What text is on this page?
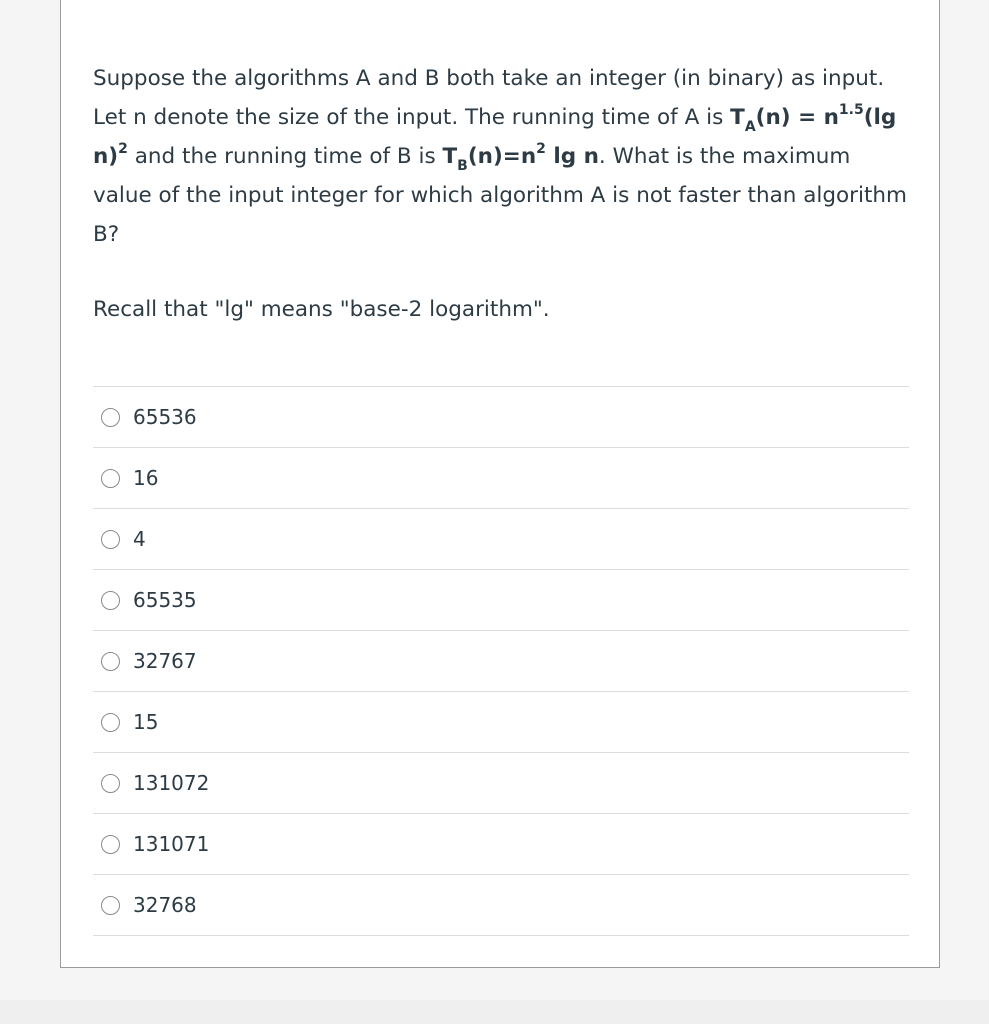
Suppose the algorithms A and B both take an integer (in binary) as input. Let n denote the size of the input. The running time of A is $T_A(n) = n^{1.5}(\lg$ n)$^2$ and the running time of B is $T_B(n)=n^2$ lg n. What is the maximum value of the input integer for which algorithm A is not faster than algorithm B?

Recall that "lg" means "base-2 logarithm".

65536
16
4
65535
32767
15
131072
131071
32768
